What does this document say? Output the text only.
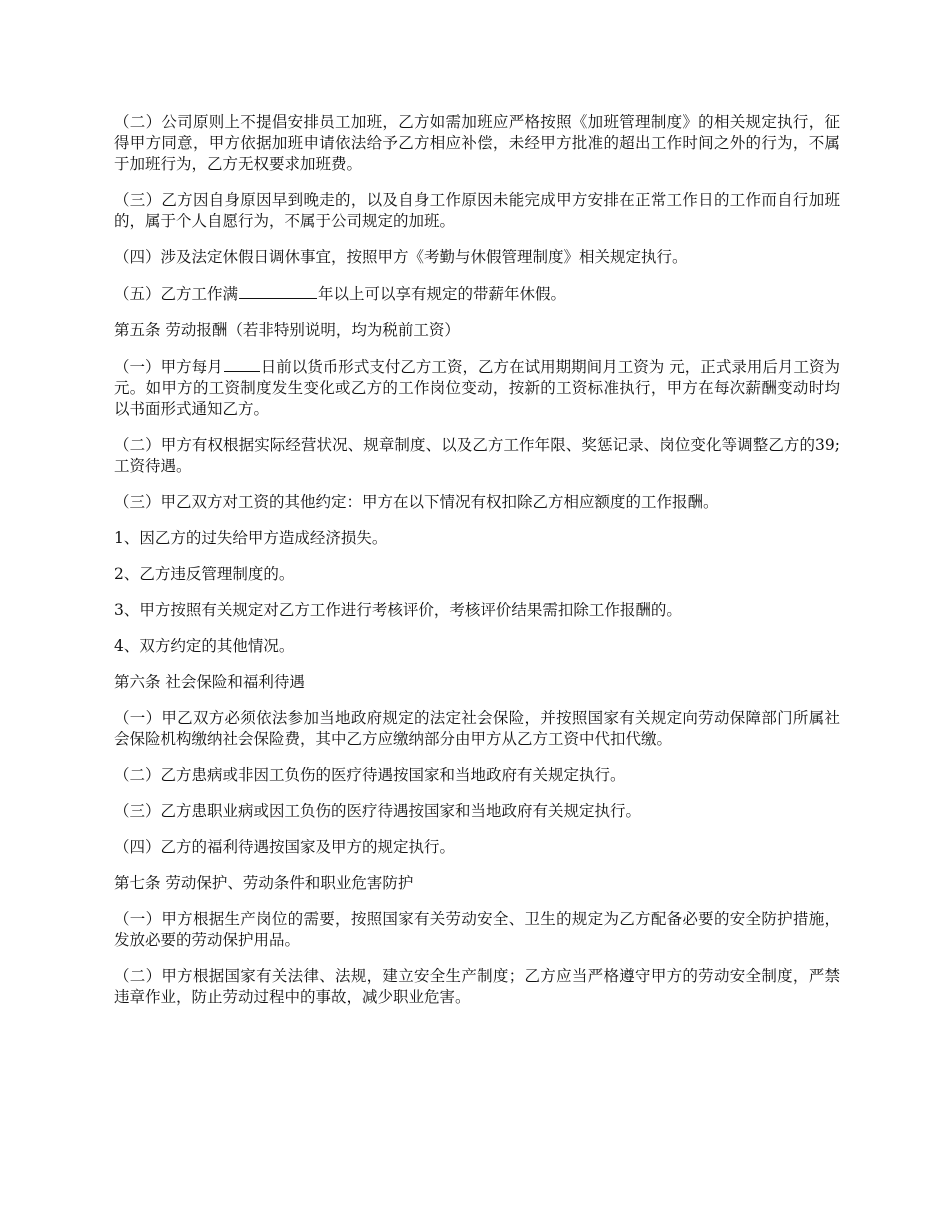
（二）公司原则上不提倡安排员工加班，乙方如需加班应严格按照《加班管理制度》的相关规定执行，征得甲方同意，甲方依据加班申请依法给予乙方相应补偿，未经甲方批准的超出工作时间之外的行为，不属于加班行为，乙方无权要求加班费。

（三）乙方因自身原因早到晚走的，以及自身工作原因未能完成甲方安排在正常工作日的工作而自行加班的，属于个人自愿行为，不属于公司规定的加班。

（四）涉及法定休假日调休事宜，按照甲方《考勤与休假管理制度》相关规定执行。

（五）乙方工作满	年以上可以享有规定的带薪年休假。

第五条 劳动报酬（若非特别说明，均为税前工资）

（一）甲方每月 日前以货币形式支付乙方工资，乙方在试用期期间月工资为 元，正式录用后月工资为 元。如甲方的工资制度发生变化或乙方的工作岗位变动，按新的工资标准执行，甲方在每次薪酬变动时均以书面形式通知乙方。

（二）甲方有权根据实际经营状况、规章制度、以及乙方工作年限、奖惩记录、岗位变化等调整乙方的39;工资待遇。

（三）甲乙双方对工资的其他约定：甲方在以下情况有权扣除乙方相应额度的工作报酬。

1、因乙方的过失给甲方造成经济损失。

2、乙方违反管理制度的。

3、甲方按照有关规定对乙方工作进行考核评价，考核评价结果需扣除工作报酬的。

4、双方约定的其他情况。

第六条 社会保险和福利待遇

（一）甲乙双方必须依法参加当地政府规定的法定社会保险，并按照国家有关规定向劳动保障部门所属社会保险机构缴纳社会保险费，其中乙方应缴纳部分由甲方从乙方工资中代扣代缴。

（二）乙方患病或非因工负伤的医疗待遇按国家和当地政府有关规定执行。

（三）乙方患职业病或因工负伤的医疗待遇按国家和当地政府有关规定执行。

（四）乙方的福利待遇按国家及甲方的规定执行。

第七条 劳动保护、劳动条件和职业危害防护

（一）甲方根据生产岗位的需要，按照国家有关劳动安全、卫生的规定为乙方配备必要的安全防护措施，发放必要的劳动保护用品。

（二）甲方根据国家有关法律、法规，建立安全生产制度；乙方应当严格遵守甲方的劳动安全制度，严禁违章作业，防止劳动过程中的事故，减少职业危害。
